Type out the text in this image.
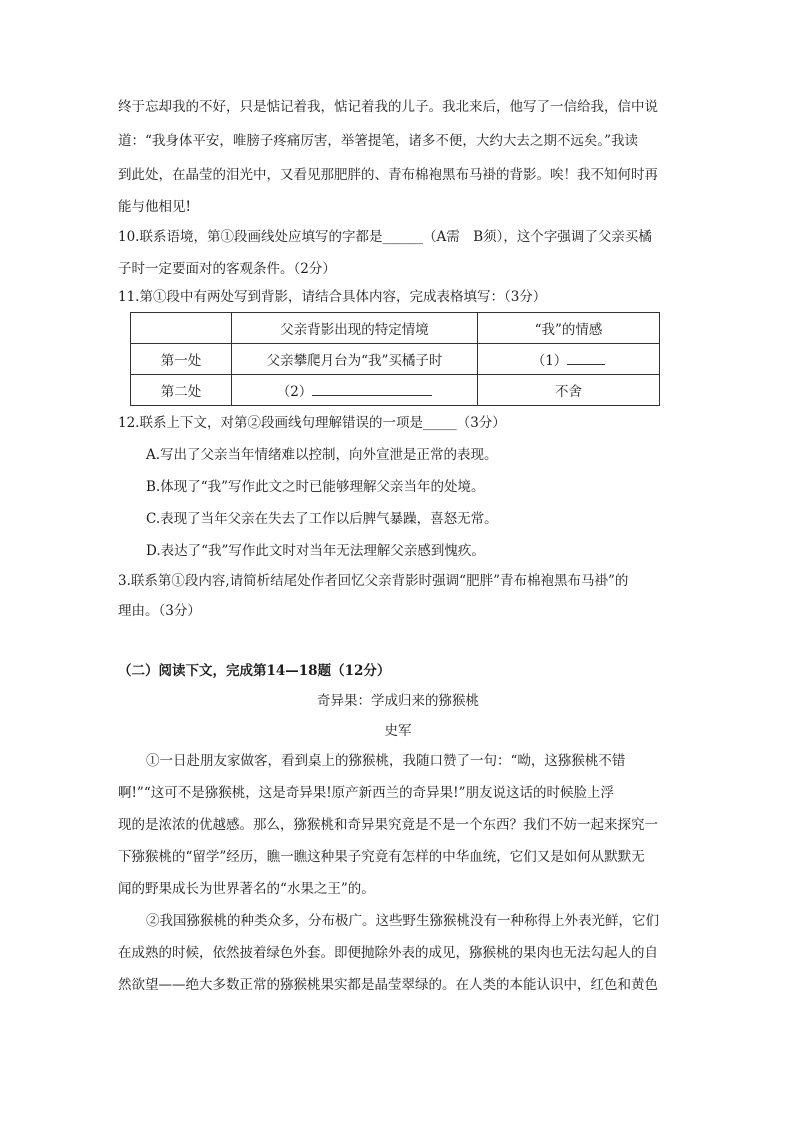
终于忘却我的不好，只是惦记着我，惦记着我的儿子。我北来后，他写了一信给我，信中说
道：“我身体平安，唯膀子疼痛厉害，举箸提笔，诸多不便，大约大去之期不远矣。”我读
到此处，在晶莹的泪光中，又看见那肥胖的、青布棉袍黑布马褂的背影。唉！我不知何时再
能与他相见!
10.联系语境，第①段画线处应填写的字都是______（A需　B须），这个字强调了父亲买橘
子时一定要面对的客观条件。（2分）
11.第①段中有两处写到背影，请结合具体内容，完成表格填写：（3分）
	父亲背影出现的特定情境	“我”的情感
第一处	父亲攀爬月台为“我”买橘子时	（1）
第二处	（2）	不舍
12.联系上下文，对第②段画线句理解错误的一项是_____（3分）
A.写出了父亲当年情绪难以控制，向外宣泄是正常的表现。
B.体现了“我”写作此文之时已能够理解父亲当年的处境。
C.表现了当年父亲在失去了工作以后脾气暴躁，喜怒无常。
D.表达了“我”写作此文时对当年无法理解父亲感到愧疚。
3.联系第①段内容,请简析结尾处作者回忆父亲背影时强调“肥胖”青布棉袍黑布马褂”的
理由。（3分）
（二）阅读下文，完成第14—18题（12分）
奇异果：学成归来的猕猴桃
史军
①一日赴朋友家做客，看到桌上的猕猴桃，我随口赞了一句：“呦，这猕猴桃不错
啊!”“这可不是猕猴桃，这是奇异果!原产新西兰的奇异果!”朋友说这话的时候脸上浮
现的是浓浓的优越感。那么，猕猴桃和奇异果究竟是不是一个东西？我们不妨一起来探究一
下猕猴桃的“留学”经历，瞧一瞧这种果子究竟有怎样的中华血统，它们又是如何从默默无
闻的野果成长为世界著名的“水果之王”的。
②我国猕猴桃的种类众多，分布极广。这些野生猕猴桃没有一种称得上外表光鲜，它们
在成熟的时候，依然披着绿色外套。即便抛除外表的成见，猕猴桃的果肉也无法勾起人的自
然欲望——绝大多数正常的猕猴桃果实都是晶莹翠绿的。在人类的本能认识中，红色和黄色
